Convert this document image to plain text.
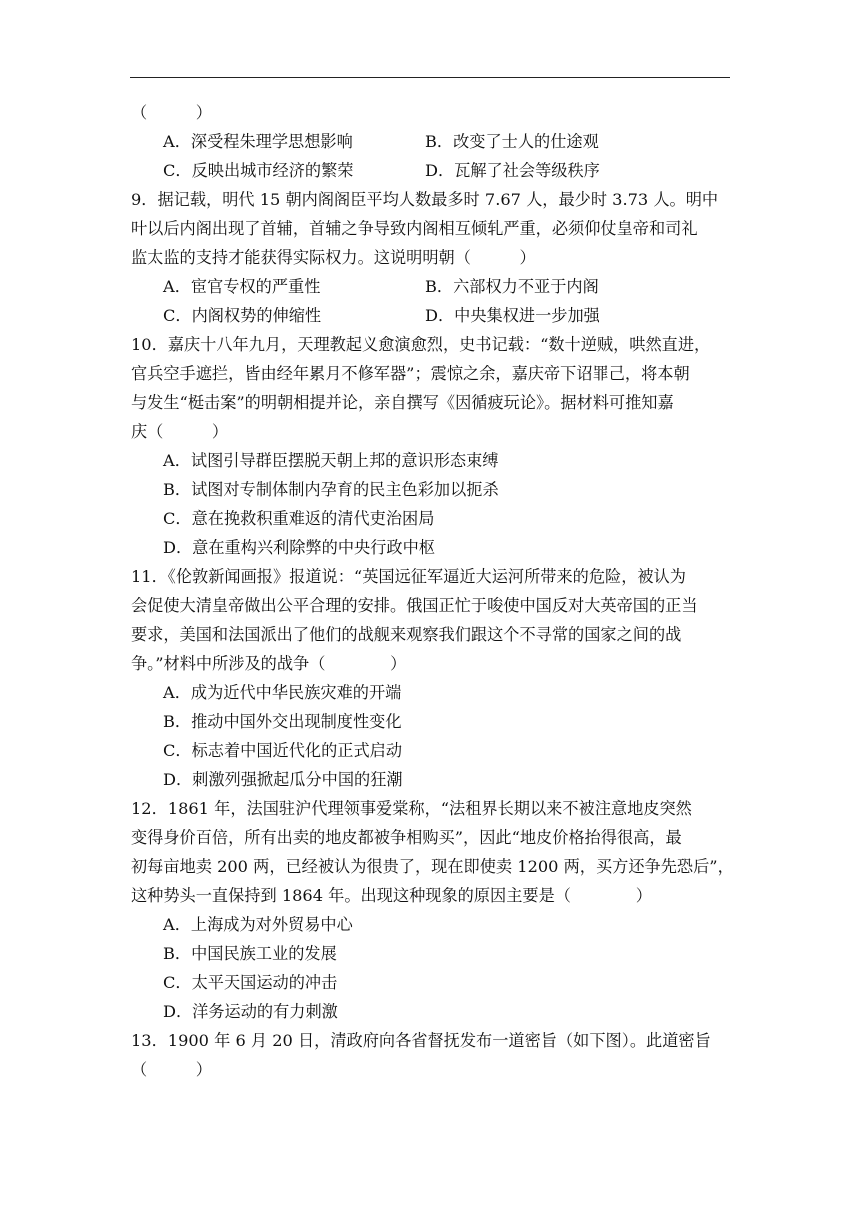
（　　　）
A．深受程朱理学思想影响	B．改变了士人的仕途观
C．反映出城市经济的繁荣	D．瓦解了社会等级秩序
9．据记载，明代 15 朝内阁阁臣平均人数最多时 7.67 人，最少时 3.73 人。明中
叶以后内阁出现了首辅，首辅之争导致内阁相互倾轧严重，必须仰仗皇帝和司礼
监太监的支持才能获得实际权力。这说明明朝（　　　）
A．宦官专权的严重性	B．六部权力不亚于内阁
C．内阁权势的伸缩性	D．中央集权进一步加强
10．嘉庆十八年九月，天理教起义愈演愈烈，史书记载：“数十逆贼，哄然直进，
官兵空手遮拦，皆由经年累月不修军器”；震惊之余，嘉庆帝下诏罪己，将本朝
与发生“梃击案”的明朝相提并论，亲自撰写《因循疲玩论》。据材料可推知嘉
庆（　　　）
A．试图引导群臣摆脱天朝上邦的意识形态束缚
B．试图对专制体制内孕育的民主色彩加以扼杀
C．意在挽救积重难返的清代吏治困局
D．意在重构兴利除弊的中央行政中枢
11．《伦敦新闻画报》报道说：“英国远征军逼近大运河所带来的危险，被认为
会促使大清皇帝做出公平合理的安排。俄国正忙于唆使中国反对大英帝国的正当
要求，美国和法国派出了他们的战舰来观察我们跟这个不寻常的国家之间的战
争。”材料中所涉及的战争（　　　　）
A．成为近代中华民族灾难的开端
B．推动中国外交出现制度性变化
C．标志着中国近代化的正式启动
D．刺激列强掀起瓜分中国的狂潮
12．1861 年，法国驻沪代理领事爱棠称，“法租界长期以来不被注意地皮突然
变得身价百倍，所有出卖的地皮都被争相购买”，因此“地皮价格抬得很高，最
初每亩地卖 200 两，已经被认为很贵了，现在即使卖 1200 两，买方还争先恐后”，
这种势头一直保持到 1864 年。出现这种现象的原因主要是（　　　　）
A．上海成为对外贸易中心
B．中国民族工业的发展
C．太平天国运动的冲击
D．洋务运动的有力刺激
13．1900 年 6 月 20 日，清政府向各省督抚发布一道密旨（如下图）。此道密旨
（　　　）
